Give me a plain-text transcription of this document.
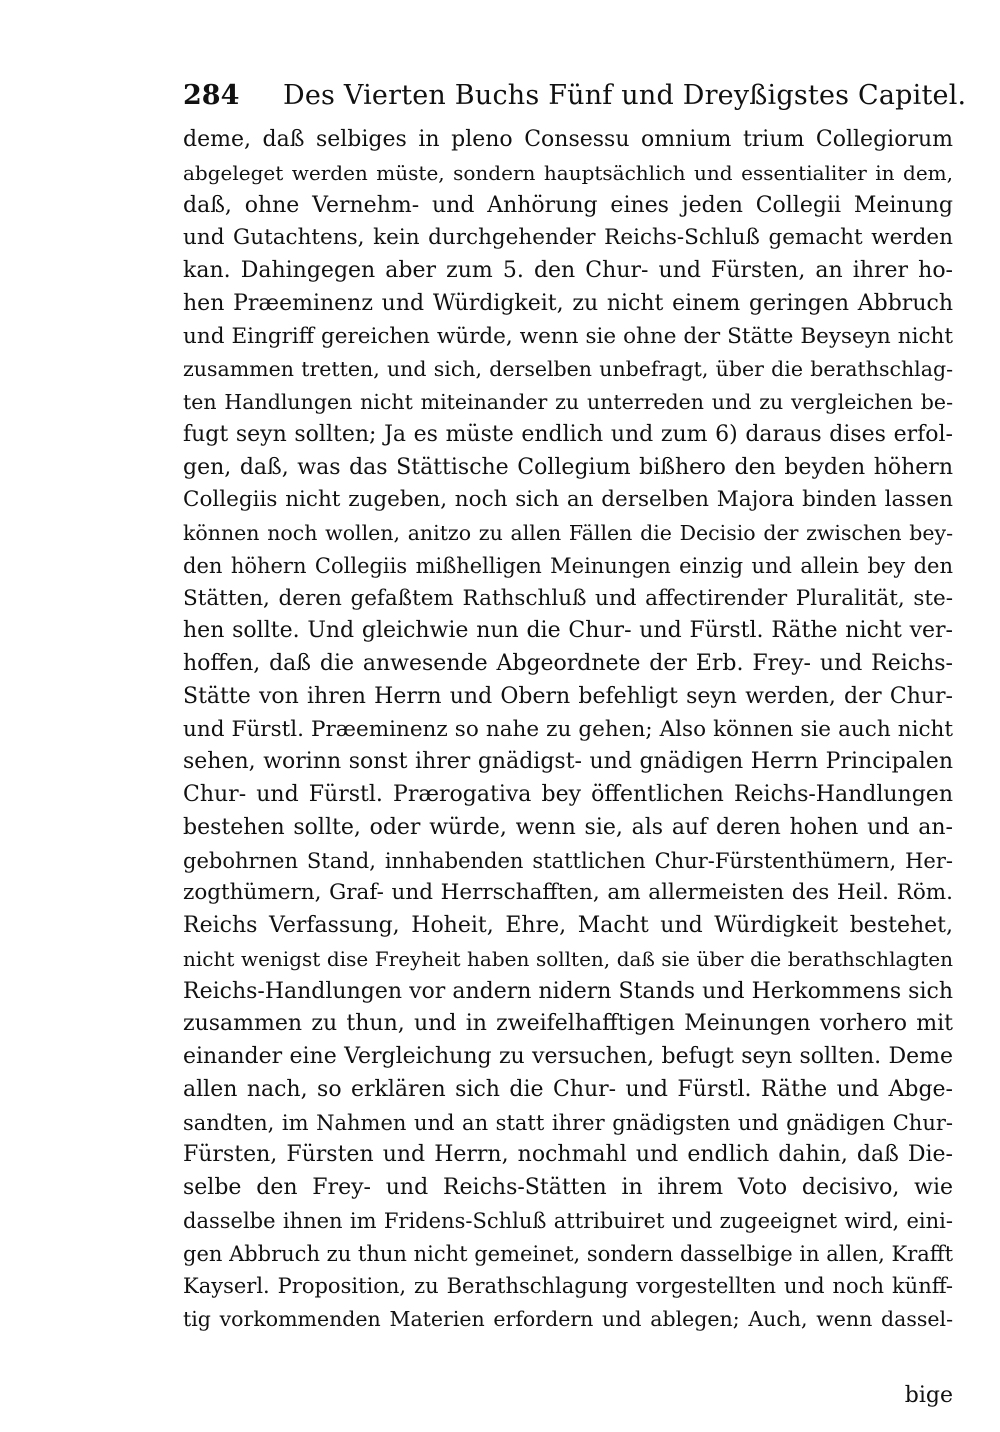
284 Des Vierten Buchs Fünf und Dreyßigstes Capitel.
deme, daß selbiges in pleno Consessu omnium trium Collegiorum
abgeleget werden müste, sondern hauptsächlich und essentialiter in dem,
daß, ohne Vernehm- und Anhörung eines jeden Collegii Meinung
und Gutachtens, kein durchgehender Reichs-Schluß gemacht werden
kan. Dahingegen aber zum 5. den Chur- und Fürsten, an ihrer ho-
hen Præeminenz und Würdigkeit, zu nicht einem geringen Abbruch
und Eingriff gereichen würde, wenn sie ohne der Stätte Beyseyn nicht
zusammen tretten, und sich, derselben unbefragt, über die berathschlag-
ten Handlungen nicht miteinander zu unterreden und zu vergleichen be-
fugt seyn sollten; Ja es müste endlich und zum 6) daraus dises erfol-
gen, daß, was das Stättische Collegium bißhero den beyden höhern
Collegiis nicht zugeben, noch sich an derselben Majora binden lassen
können noch wollen, anitzo zu allen Fällen die Decisio der zwischen bey-
den höhern Collegiis mißhelligen Meinungen einzig und allein bey den
Stätten, deren gefaßtem Rathschluß und affectirender Pluralität, ste-
hen sollte. Und gleichwie nun die Chur- und Fürstl. Räthe nicht ver-
hoffen, daß die anwesende Abgeordnete der Erb. Frey- und Reichs-
Stätte von ihren Herrn und Obern befehligt seyn werden, der Chur-
und Fürstl. Præeminenz so nahe zu gehen; Also können sie auch nicht
sehen, worinn sonst ihrer gnädigst- und gnädigen Herrn Principalen
Chur- und Fürstl. Prærogativa bey öffentlichen Reichs-Handlungen
bestehen sollte, oder würde, wenn sie, als auf deren hohen und an-
gebohrnen Stand, innhabenden stattlichen Chur-Fürstenthümern, Her-
zogthümern, Graf- und Herrschafften, am allermeisten des Heil. Röm.
Reichs Verfassung, Hoheit, Ehre, Macht und Würdigkeit bestehet,
nicht wenigst dise Freyheit haben sollten, daß sie über die berathschlagten
Reichs-Handlungen vor andern nidern Stands und Herkommens sich
zusammen zu thun, und in zweifelhafftigen Meinungen vorhero mit
einander eine Vergleichung zu versuchen, befugt seyn sollten. Deme
allen nach, so erklären sich die Chur- und Fürstl. Räthe und Abge-
sandten, im Nahmen und an statt ihrer gnädigsten und gnädigen Chur-
Fürsten, Fürsten und Herrn, nochmahl und endlich dahin, daß Die-
selbe den Frey- und Reichs-Stätten in ihrem Voto decisivo, wie
dasselbe ihnen im Fridens-Schluß attribuiret und zugeeignet wird, eini-
gen Abbruch zu thun nicht gemeinet, sondern dasselbige in allen, Krafft
Kayserl. Proposition, zu Berathschlagung vorgestellten und noch künff-
tig vorkommenden Materien erfordern und ablegen; Auch, wenn dassel-
bige
